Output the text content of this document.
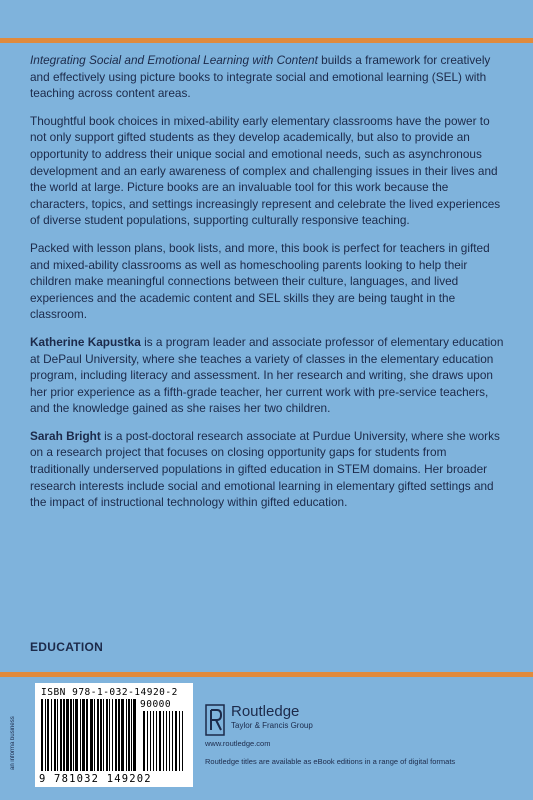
Integrating Social and Emotional Learning with Content builds a framework for creatively and effectively using picture books to integrate social and emotional learning (SEL) with teaching across content areas.

Thoughtful book choices in mixed-ability early elementary classrooms have the power to not only support gifted students as they develop academically, but also to provide an opportunity to address their unique social and emotional needs, such as asynchronous development and an early awareness of complex and challenging issues in their lives and the world at large. Picture books are an invaluable tool for this work because the characters, topics, and settings increasingly represent and celebrate the lived experiences of diverse student populations, supporting culturally responsive teaching.

Packed with lesson plans, book lists, and more, this book is perfect for teachers in gifted and mixed-ability classrooms as well as homeschooling parents looking to help their children make meaningful connections between their culture, languages, and lived experiences and the academic content and SEL skills they are being taught in the classroom.

Katherine Kapustka is a program leader and associate professor of elementary education at DePaul University, where she teaches a variety of classes in the elementary education program, including literacy and assessment. In her research and writing, she draws upon her prior experience as a fifth-grade teacher, her current work with pre-service teachers, and the knowledge gained as she raises her two children.

Sarah Bright is a post-doctoral research associate at Purdue University, where she works on a research project that focuses on closing opportunity gaps for students from traditionally underserved populations in gifted education in STEM domains. Her broader research interests include social and emotional learning in elementary gifted settings and the impact of instructional technology within gifted education.

EDUCATION
an informa business
ISBN 978-1-032-14920-2
90000
9 781032 149202
Routledge
Taylor & Francis Group
www.routledge.com
Routledge titles are available as eBook editions in a range of digital formats
